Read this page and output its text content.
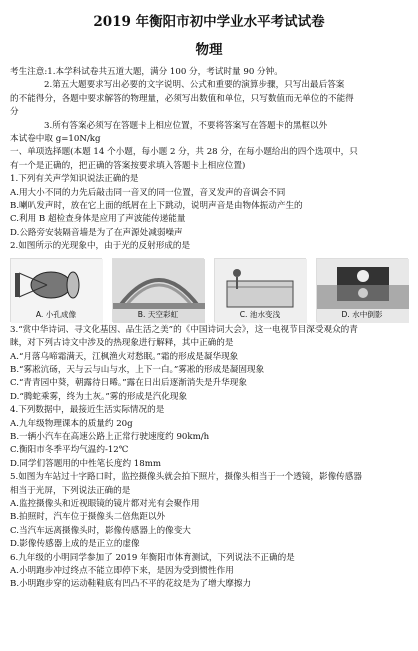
2019 年衡阳市初中学业水平考试试卷
物理
考生注意:1.本学科试卷共五道大题，满分 100 分，考试时量 90 分钟。
2.第五大题要求写出必要的文字说明、公式和重要的演算步骤，只写出最后答案
的不能得分，各题中要求解答的物理量，必须写出数值和单位，只写数值而无单位的不能得
分
3.所有答案必须写在答题卡上相应位置，不要将答案写在答题卡的黑框以外
本试卷中取 g=10N/kg
一、单项选择题(本题 14 个小题，每小题 2 分，共 28 分，在每小题给出的四个选项中，只
有一个是正确的，把正确的答案按要求填入答题卡上相应位置)
1.下列有关声学知识说法正确的是
A.用大小不同的力先后敲击同一音叉的同一位置，音叉发声的音调会不同
B.喇叭发声时，放在它上面的纸屑在上下跳动，说明声音是由物体振动产生的
C.利用 B 超检查身体是应用了声波能传递能量
D.公路旁安装隔音墙是为了在声源处减弱噪声
2.如图所示的光现象中，由于光的反射形成的是
A. 小孔成像	B. 天空彩虹	C. 池水变浅	D. 水中倒影
3.“赏中华诗词、寻文化基因、品生活之美”的《中国诗词大会》，这一电视节目深受观众的青
睐，对下列古诗文中涉及的热现象进行解释，其中正确的是
A.“月落乌啼霜满天，江枫渔火对愁眠。”霜的形成是凝华现象
B.“雾凇沆砀，天与云与山与水，上下一白。”雾凇的形成是凝固现象
C.“青青园中葵，朝露待日晞。”露在日出后逐渐消失是升华现象
D.“腾蛇乘雾，终为土灰。”雾的形成是汽化现象
4.下列数据中，最接近生活实际情况的是
A.九年级物理课本的质量约 20g
B.一辆小汽车在高速公路上正常行驶速度约 90km/h
C.衡阳市冬季平均气温约-12℃
D.同学们答题用的中性笔长度约 18mm
5.如图为车站过十字路口时，监控摄像头就会拍下照片，摄像头相当于一个透镜，影像传感器
相当于光屏，下列说法正确的是
A.监控摄像头和近视眼镜的镜片都对光有会聚作用
B.拍照时，汽车位于摄像头二倍焦距以外
C.当汽车远离摄像头时，影像传感器上的像变大
D.影像传感器上成的是正立的虚像
6.九年级的小明同学参加了 2019 年衡阳市体育测试，下列说法不正确的是
A.小明跑步冲过终点不能立即停下来，是因为受到惯性作用
B.小明跑步穿的运动鞋鞋底有凹凸不平的花纹是为了增大摩擦力
